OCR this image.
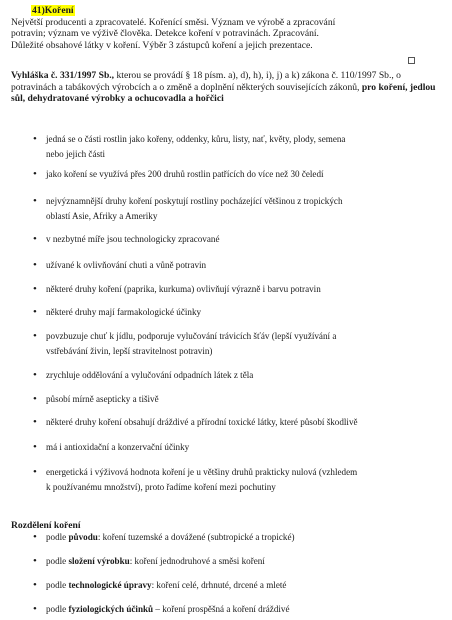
41)Koření
Největší producenti a zpracovatelé. Kořenící směsi. Význam ve výrobě a zpracování
potravin; význam ve výživě člověka. Detekce koření v potravinách. Zpracování.
Důležité obsahové látky v koření. Výběr 3 zástupců koření a jejich prezentace.
Vyhláška č. 331/1997 Sb., kterou se provádí § 18 písm. a), d), h), i), j) a k) zákona č. 110/1997 Sb., o potravinách a tabákových výrobcích a o změně a doplnění některých souvisejících zákonů, pro koření, jedlou sůl, dehydratované výrobky a ochucovadla a hořčici
• jedná se o části rostlin jako kořeny, oddenky, kůru, listy, nať, květy, plody, semena
nebo jejich části
• jako koření se využívá přes 200 druhů rostlin patřících do více než 30 čeledí
• nejvýznamnější druhy koření poskytují rostliny pocházející většinou z tropických
oblastí Asie, Afriky a Ameriky
• v nezbytné míře jsou technologicky zpracované
• užívané k ovlivňování chuti a vůně potravin
• některé druhy koření (paprika, kurkuma) ovlivňují výrazně i barvu potravin
• některé druhy mají farmakologické účinky
• povzbuzuje chuť k jídlu, podporuje vylučování trávicích šťáv (lepší využívání a
vstřebávání živin, lepší stravitelnost potravin)
• zrychluje oddělování a vylučování odpadních látek z těla
• působí mírně asepticky a tišivě
• některé druhy koření obsahují dráždivé a přírodní toxické látky, které působí škodlivě
• má i antioxidační a konzervační účinky
• energetická i výživová hodnota koření je u většiny druhů prakticky nulová (vzhledem
k používanému množství), proto řadíme koření mezi pochutiny
Rozdělení koření
• podle původu: koření tuzemské a dovážené (subtropické a tropické)
• podle složení výrobku: koření jednodruhové a směsi koření
• podle technologické úpravy: koření celé, drhnuté, drcené a mleté
• podle fyziologických účinků – koření prospěšná a koření dráždivé
